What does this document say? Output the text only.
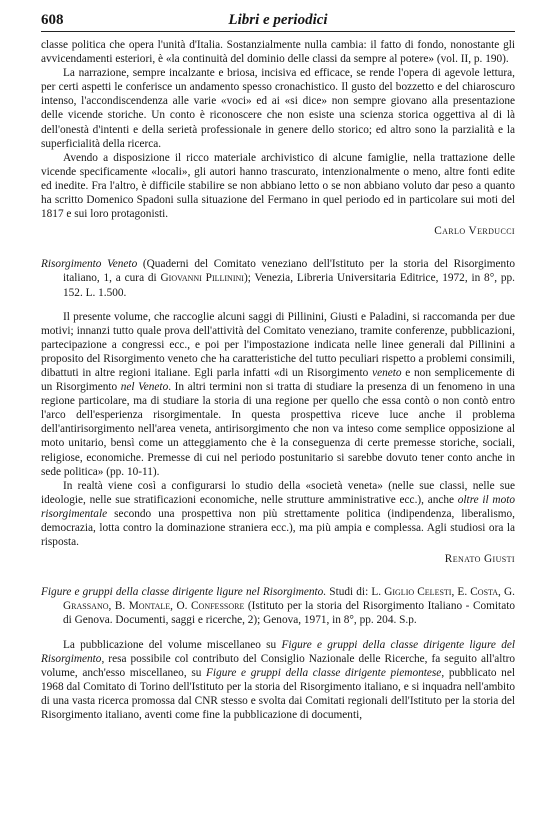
608	Libri e periodici

classe politica che opera l'unità d'Italia. Sostanzialmente nulla cambia: il fatto di fondo, nonostante gli avvicendamenti esteriori, è «la continuità del dominio delle classi da sempre al potere» (vol. II, p. 190).

La narrazione, sempre incalzante e briosa, incisiva ed efficace, se rende l'opera di agevole lettura, per certi aspetti le conferisce un andamento spesso cronachistico. Il gusto del bozzetto e del chiaroscuro intenso, l'accondiscendenza alle varie «voci» ed ai «si dice» non sempre giovano alla presentazione delle vicende storiche. Un conto è riconoscere che non esiste una scienza storica oggettiva al di là dell'onestà d'intenti e della serietà professionale in genere dello storico; ed altro sono la parzialità e la superficialità della ricerca.

Avendo a disposizione il ricco materiale archivistico di alcune famiglie, nella trattazione delle vicende specificamente «locali», gli autori hanno trascurato, intenzionalmente o meno, altre fonti edite ed inedite. Fra l'altro, è difficile stabilire se non abbiano letto o se non abbiano voluto dar peso a quanto ha scritto Domenico Spadoni sulla situazione del Fermano in quel periodo ed in particolare sui moti del 1817 e sui loro protagonisti.

Carlo Verducci

Risorgimento Veneto (Quaderni del Comitato veneziano dell'Istituto per la storia del Risorgimento italiano, 1, a cura di Giovanni Pillinini); Venezia, Libreria Universitaria Editrice, 1972, in 8°, pp. 152. L. 1.500.

Il presente volume, che raccoglie alcuni saggi di Pillinini, Giusti e Paladini, si raccomanda per due motivi; innanzi tutto quale prova dell'attività del Comitato veneziano, tramite conferenze, pubblicazioni, partecipazione a congressi ecc., e poi per l'impostazione indicata nelle linee generali dal Pillinini a proposito del Risorgimento veneto che ha caratteristiche del tutto peculiari rispetto a problemi consimili, dibattuti in altre regioni italiane. Egli parla infatti «di un Risorgimento veneto e non semplicemente di un Risorgimento nel Veneto. In altri termini non si tratta di studiare la presenza di un fenomeno in una regione particolare, ma di studiare la storia di una regione per quello che essa contò o non contò entro l'arco dell'esperienza risorgimentale. In questa prospettiva riceve luce anche il problema dell'antirisorgimento nell'area veneta, antirisorgimento che non va inteso come semplice opposizione al moto unitario, bensì come un atteggiamento che è la conseguenza di certe premesse storiche, sociali, religiose, economiche. Premesse di cui nel periodo postunitario si sarebbe dovuto tener conto anche in sede politica» (pp. 10-11).

In realtà viene così a configurarsi lo studio della «società veneta» (nelle sue classi, nelle sue ideologie, nelle sue stratificazioni economiche, nelle strutture amministrative ecc.), anche oltre il moto risorgimentale secondo una prospettiva non più strettamente politica (indipendenza, liberalismo, democrazia, lotta contro la dominazione straniera ecc.), ma più ampia e complessa. Agli studiosi ora la risposta.

Renato Giusti

Figure e gruppi della classe dirigente ligure nel Risorgimento. Studi di: L. Giglio Celesti, E. Costa, G. Grassano, B. Montale, O. Confessore (Istituto per la storia del Risorgimento Italiano - Comitato di Genova. Documenti, saggi e ricerche, 2); Genova, 1971, in 8°, pp. 204. S.p.

La pubblicazione del volume miscellaneo su Figure e gruppi della classe dirigente ligure del Risorgimento, resa possibile col contributo del Consiglio Nazionale delle Ricerche, fa seguito all'altro volume, anch'esso miscellaneo, su Figure e gruppi della classe dirigente piemontese, pubblicato nel 1968 dal Comitato di Torino dell'Istituto per la storia del Risorgimento italiano, e si inquadra nell'ambito di una vasta ricerca promossa dal CNR stesso e svolta dai Comitati regionali dell'Istituto per la storia del Risorgimento italiano, aventi come fine la pubblicazione di documenti,
